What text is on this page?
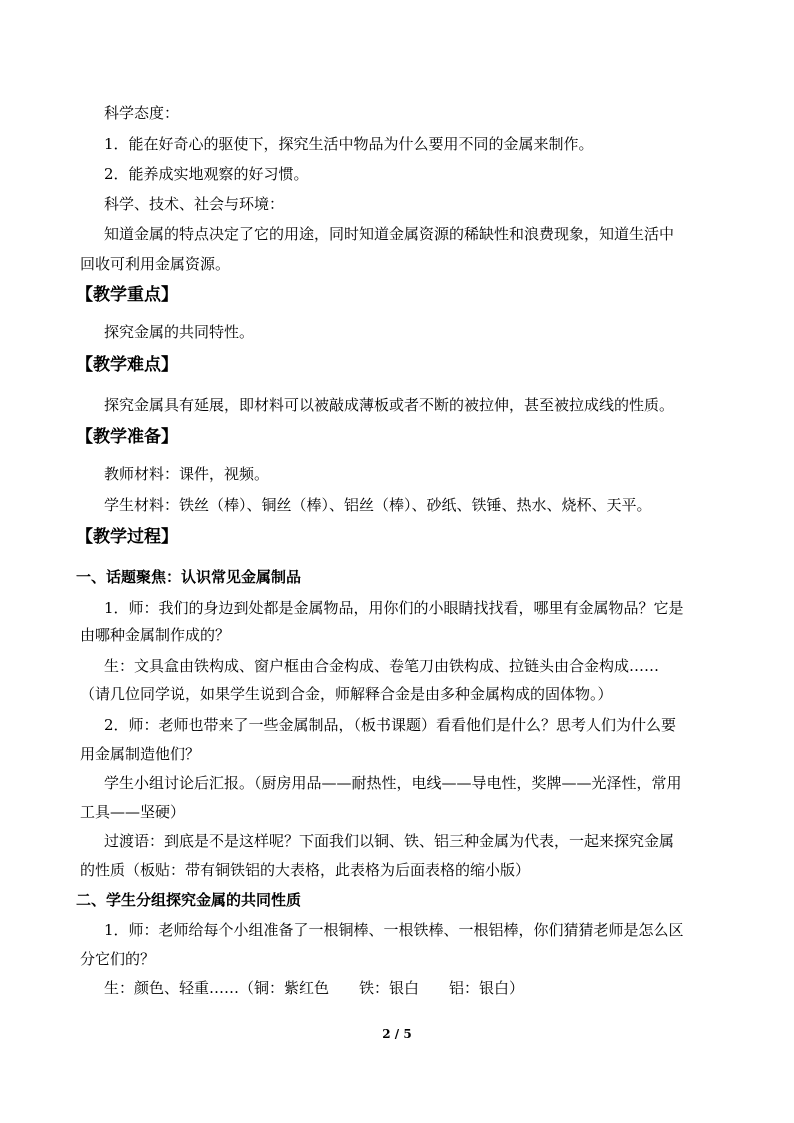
科学态度：
1．能在好奇心的驱使下，探究生活中物品为什么要用不同的金属来制作。
2．能养成实地观察的好习惯。
科学、技术、社会与环境：
知道金属的特点决定了它的用途，同时知道金属资源的稀缺性和浪费现象，知道生活中
回收可利用金属资源。
【教学重点】
探究金属的共同特性。
【教学难点】
探究金属具有延展，即材料可以被敲成薄板或者不断的被拉伸，甚至被拉成线的性质。
【教学准备】
教师材料：课件，视频。
学生材料：铁丝（棒）、铜丝（棒）、铝丝（棒）、砂纸、铁锤、热水、烧杯、天平。
【教学过程】
一、话题聚焦：认识常见金属制品
1．师：我们的身边到处都是金属物品，用你们的小眼睛找找看，哪里有金属物品？它是
由哪种金属制作成的？
生：文具盒由铁构成、窗户框由合金构成、卷笔刀由铁构成、拉链头由合金构成……
（请几位同学说，如果学生说到合金，师解释合金是由多种金属构成的固体物。）
2．师：老师也带来了一些金属制品，（板书课题）看看他们是什么？思考人们为什么要
用金属制造他们？
学生小组讨论后汇报。（厨房用品——耐热性，电线——导电性，奖牌——光泽性，常用
工具——坚硬）
过渡语：到底是不是这样呢？下面我们以铜、铁、铝三种金属为代表，一起来探究金属
的性质（板贴：带有铜铁铝的大表格，此表格为后面表格的缩小版）
二、学生分组探究金属的共同性质
1．师：老师给每个小组准备了一根铜棒、一根铁棒、一根铝棒，你们猜猜老师是怎么区
分它们的？
生：颜色、轻重……（铜：紫红色　　铁：银白　　铝：银白）
2 / 5
